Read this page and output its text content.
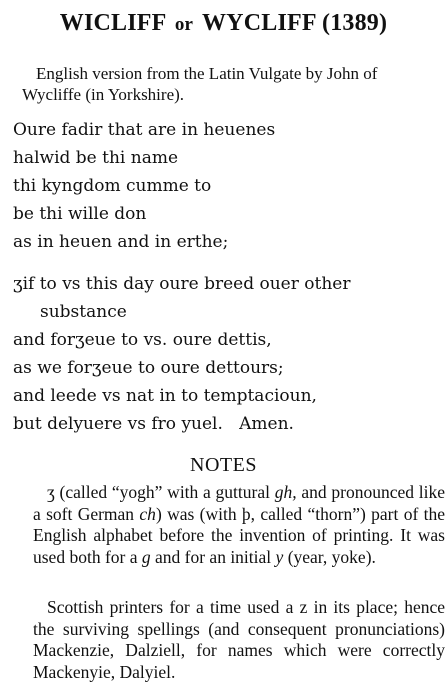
WICLIFF or WYCLIFF (1389)
English version from the Latin Vulgate by John of Wycliffe (in Yorkshire).
Oure fadir that are in heuenes
halwid be thi name
thi kyngdom cumme to
be thi wille don
as in heuen and in erthe;
ʒif to vs this day oure breed ouer other
substance
and forʒeue to vs. oure dettis,
as we forʒeue to oure dettours;
and leede vs nat in to temptacioun,
but delyuere vs fro yuel.   Amen.
NOTES
ʒ (called “yogh” with a guttural gh, and pronounced like a soft German ch) was (with þ, called “thorn”) part of the English alphabet before the invention of printing. It was used both for a g and for an initial y (year, yoke).
Scottish printers for a time used a z in its place; hence the surviving spellings (and consequent pronunciations) Mackenzie, Dalziell, for names which were correctly Mackenyie, Dalyiel.
